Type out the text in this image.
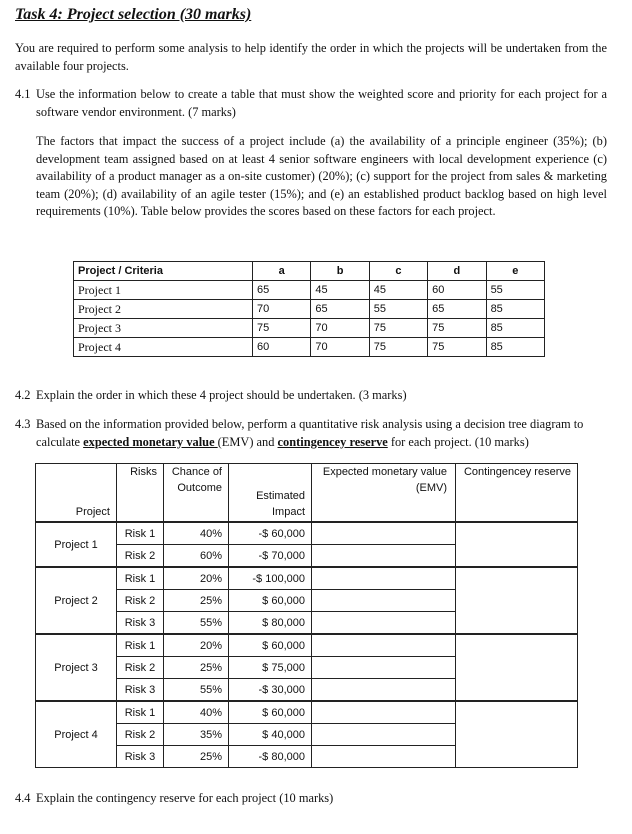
Task 4: Project selection (30 marks)

You are required to perform some analysis to help identify the order in which the projects will be undertaken from the available four projects.

4.1 Use the information below to create a table that must show the weighted score and priority for each project for a software vendor environment. (7 marks)

The factors that impact the success of a project include (a) the availability of a principle engineer (35%); (b) development team assigned based on at least 4 senior software engineers with local development experience (c) availability of a product manager as a on-site customer) (20%); (c) support for the project from sales & marketing team (20%); (d) availability of an agile tester (15%); and (e) an established product backlog based on high level requirements (10%). Table below provides the scores based on these factors for each project.

Project / Criteria	a	b	c	d	e
Project 1	65	45	45	60	55
Project 2	70	65	55	65	85
Project 3	75	70	75	75	85
Project 4	60	70	75	75	85
4.2 Explain the order in which these 4 project should be undertaken. (3 marks)

4.3 Based on the information provided below, perform a quantitative risk analysis using a decision tree diagram to calculate expected monetary value (EMV) and contingencey reserve for each project. (10 marks)

Project	Risks	Chance of Outcome	Estimated Impact	Expected monetary value (EMV)	Contingencey reserve
Project 1	Risk 1	40%	-$ 60,000		
	Risk 2	60%	-$ 70,000		
Project 2	Risk 1	20%	-$ 100,000		
	Risk 2	25%	$ 60,000		
	Risk 3	55%	$ 80,000		
Project 3	Risk 1	20%	$ 60,000		
	Risk 2	25%	$ 75,000		
	Risk 3	55%	-$ 30,000		
Project 4	Risk 1	40%	$ 60,000		
	Risk 2	35%	$ 40,000		
	Risk 3	25%	-$ 80,000		
4.4 Explain the contingency reserve for each project (10 marks)
